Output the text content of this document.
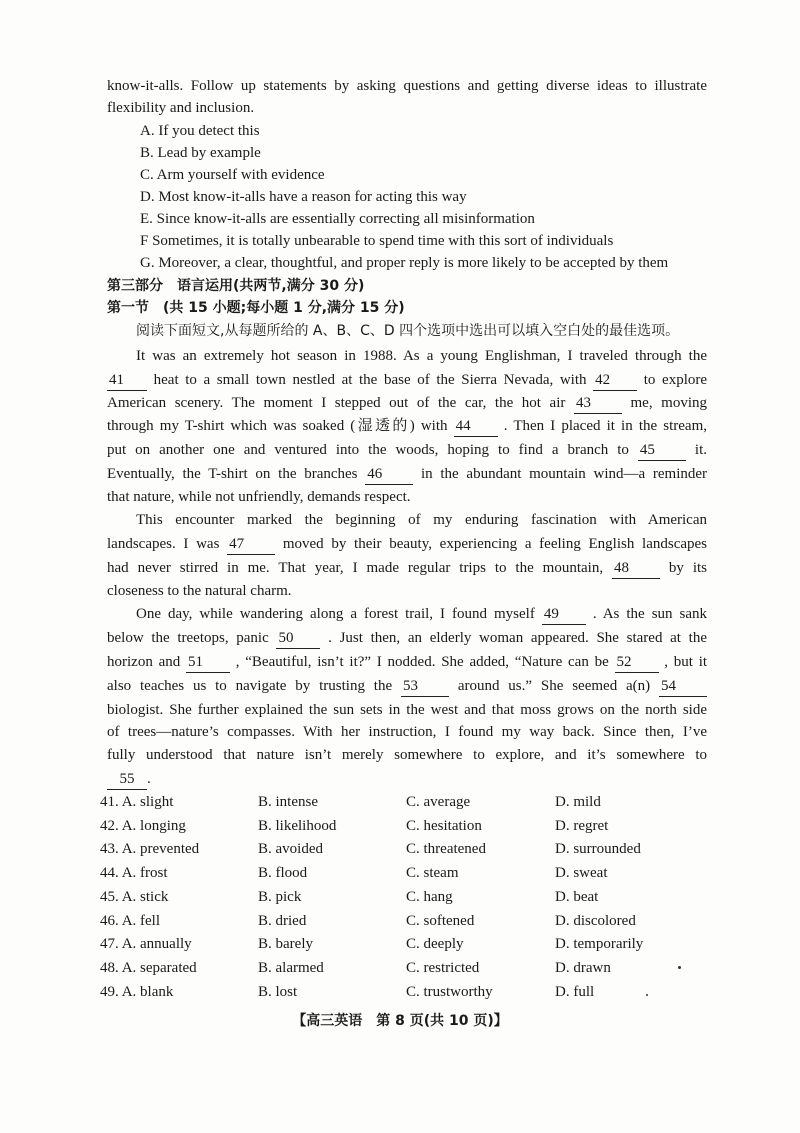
know-it-alls. Follow up statements by asking questions and getting diverse ideas to illustrate
flexibility and inclusion.
A. If you detect this
B. Lead by example
C. Arm yourself with evidence
D. Most know-it-alls have a reason for acting this way
E. Since know-it-alls are essentially correcting all misinformation
F Sometimes, it is totally unbearable to spend time with this sort of individuals
G. Moreover, a clear, thoughtful, and proper reply is more likely to be accepted by them
第三部分　语言运用(共两节,满分 30 分)
第一节　(共 15 小题;每小题 1 分,满分 15 分)
阅读下面短文,从每题所给的 A、B、C、D 四个选项中选出可以填入空白处的最佳选项。
It was an extremely hot season in 1988. As a young Englishman, I traveled through the
41 heat to a small town nestled at the base of the Sierra Nevada, with 42 to explore
American scenery. The moment I stepped out of the car, the hot air 43	me, moving
through my T-shirt which was soaked (湿透的) with 44 . Then I placed it in the stream,
put on another one and ventured into the woods, hoping to find a branch to 45	it.
Eventually, the T-shirt on the branches 46	in the abundant mountain wind—a reminder
that nature, while not unfriendly, demands respect.
This encounter marked the beginning of my enduring fascination with American
landscapes. I was 47	moved by their beauty, experiencing a feeling English landscapes
had never stirred in me. That year, I made regular trips to the mountain, 48	by its
closeness to the natural charm.
One day, while wandering along a forest trail, I found myself 49 . As the sun sank
below the treetops, panic 50 . Just then, an elderly woman appeared. She stared at the
horizon and 51 , “Beautiful, isn’t it?” I nodded. She added, “Nature can be 52 , but it
also teaches us to navigate by trusting the 53	around us.” She seemed a(n) 54
biologist. She further explained the sun sets in the west and that moss grows on the north side
of trees—nature’s compasses. With her instruction, I found my way back. Since then, I’ve
fully understood that nature isn’t merely somewhere to explore, and it’s somewhere to
55 .
41. A. slight	B. intense	C. average	D. mild
42. A. longing	B. likelihood	C. hesitation	D. regret
43. A. prevented	B. avoided	C. threatened	D. surrounded
44. A. frost	B. flood	C. steam	D. sweat
45. A. stick	B. pick	C. hang	D. beat
46. A. fell	B. dried	C. softened	D. discolored
47. A. annually	B. barely	C. deeply	D. temporarily
48. A. separated	B. alarmed	C. restricted	D. drawn
49. A. blank	B. lost	C. trustworthy	D. full
【高三英语　第 8 页(共 10 页)】
